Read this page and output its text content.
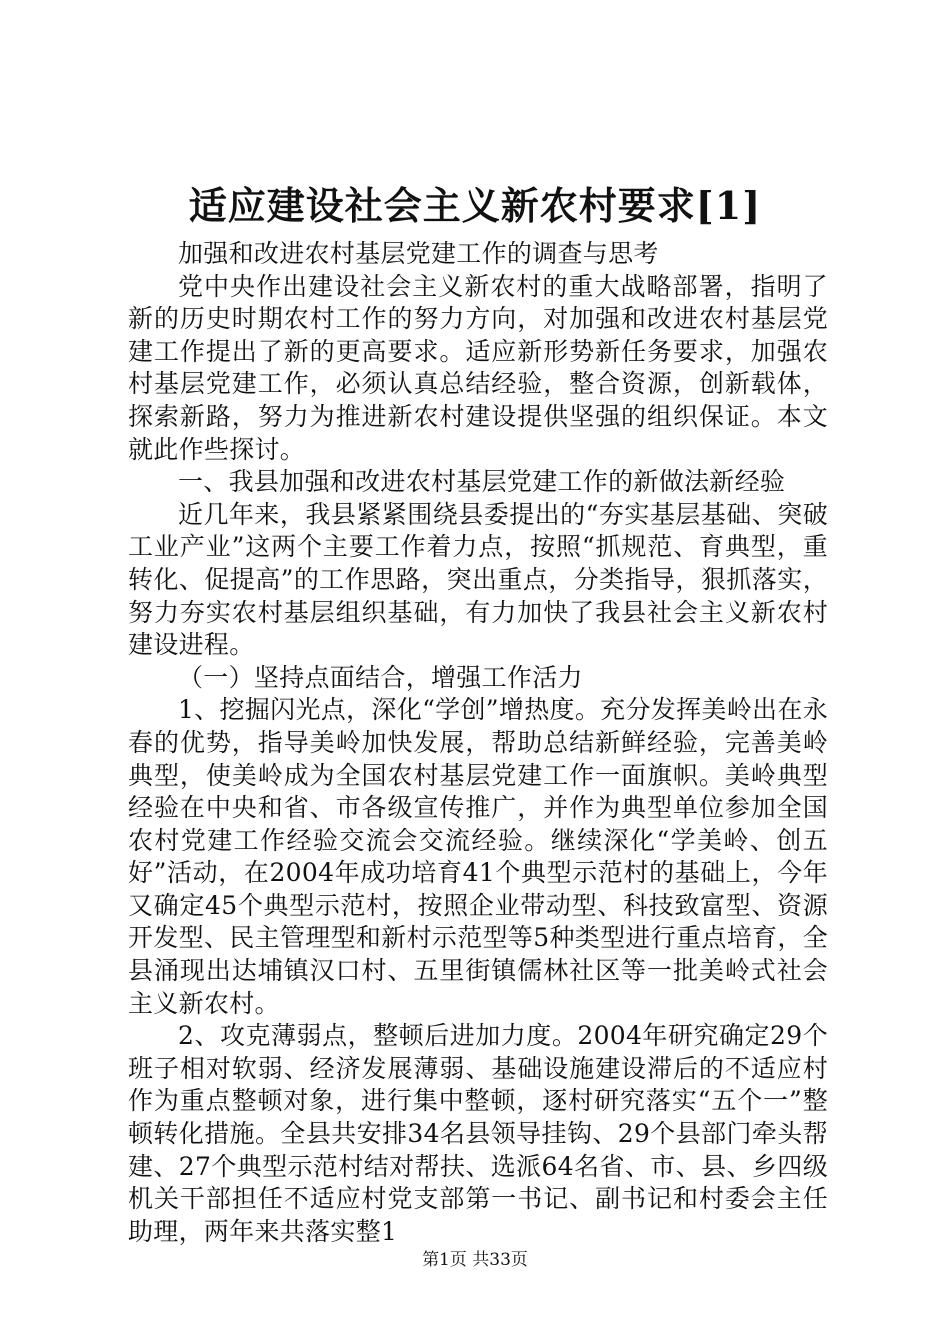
适应建设社会主义新农村要求[1]

加强和改进农村基层党建工作的调查与思考

党中央作出建设社会主义新农村的重大战略部署，指明了新的历史时期农村工作的努力方向，对加强和改进农村基层党建工作提出了新的更高要求。适应新形势新任务要求，加强农村基层党建工作，必须认真总结经验，整合资源，创新载体，探索新路，努力为推进新农村建设提供坚强的组织保证。本文就此作些探讨。

一、我县加强和改进农村基层党建工作的新做法新经验

近几年来，我县紧紧围绕县委提出的“夯实基层基础、突破工业产业”这两个主要工作着力点，按照“抓规范、育典型，重转化、促提高”的工作思路，突出重点，分类指导，狠抓落实，努力夯实农村基层组织基础，有力加快了我县社会主义新农村建设进程。

（一）坚持点面结合，增强工作活力

1、挖掘闪光点，深化“学创”增热度。充分发挥美岭出在永春的优势，指导美岭加快发展，帮助总结新鲜经验，完善美岭典型，使美岭成为全国农村基层党建工作一面旗帜。美岭典型经验在中央和省、市各级宣传推广，并作为典型单位参加全国农村党建工作经验交流会交流经验。继续深化“学美岭、创五好”活动，在2004年成功培育41个典型示范村的基础上，今年又确定45个典型示范村，按照企业带动型、科技致富型、资源开发型、民主管理型和新村示范型等5种类型进行重点培育，全县涌现出达埔镇汉口村、五里街镇儒林社区等一批美岭式社会主义新农村。

2、攻克薄弱点，整顿后进加力度。2004年研究确定29个班子相对软弱、经济发展薄弱、基础设施建设滞后的不适应村作为重点整顿对象，进行集中整顿，逐村研究落实“五个一”整顿转化措施。全县共安排34名县领导挂钩、29个县部门牵头帮建、27个典型示范村结对帮扶、选派64名省、市、县、乡四级机关干部担任不适应村党支部第一书记、副书记和村委会主任助理，两年来共落实整1

第1页 共33页
